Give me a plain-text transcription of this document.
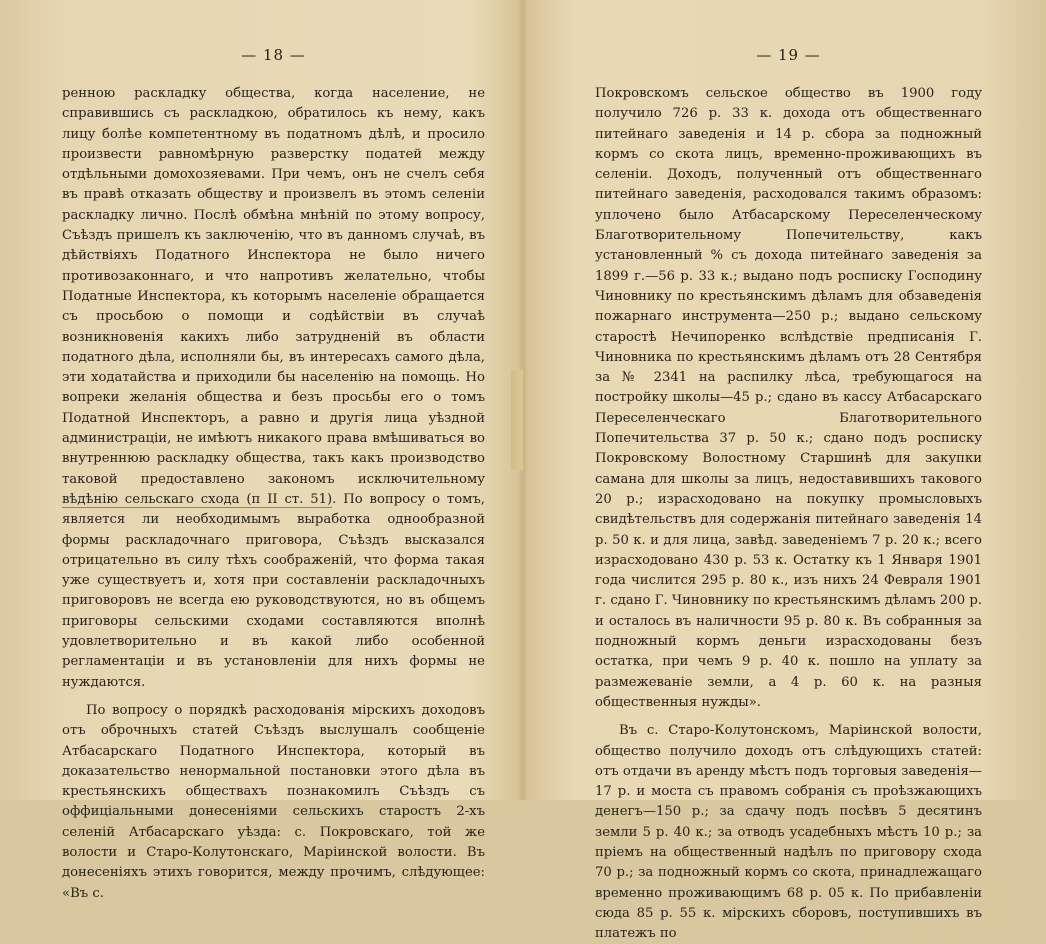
— 18 —

ренною раскладку общества, когда население, не справившись съ раскладкою, обратилось къ нему, какъ лицу болѣе компетентному въ податномъ дѣлѣ, и просило произвести равномѣрную разверстку податей между отдѣльными домохозяевами. При чемъ, онъ не счелъ себя въ правѣ отказать обществу и произвелъ въ этомъ селеніи раскладку лично. Послѣ обмѣна мнѣній по этому вопросу, Съѣздъ пришелъ къ заключенію, что въ данномъ случаѣ, въ дѣйствіяхъ Податного Инспектора не было ничего противозаконнаго, и что напротивъ желательно, чтобы Податные Инспектора, къ которымъ населеніе обращается съ просьбою о помощи и содѣйствіи въ случаѣ возникновенія какихъ либо затрудненій въ области податного дѣла, исполняли бы, въ интересахъ самого дѣла, эти ходатайства и приходили бы населенію на помощь. Но вопреки желанія общества и безъ просьбы его о томъ Податной Инспекторъ, а равно и другія лица уѣздной администраціи, не имѣютъ никакого права вмѣшиваться во внутреннюю раскладку общества, такъ какъ производство таковой предоставлено закономъ исключительному вѣдѣнію сельскаго схода (п II ст. 51). По вопросу о томъ, является ли необходимымъ выработка однообразной формы раскладочнаго приговора, Съѣздъ высказался отрицательно въ силу тѣхъ соображеній, что форма такая уже существуетъ и, хотя при составленіи раскладочныхъ приговоровъ не всегда ею руководствуются, но въ общемъ приговоры сельскими сходами составляются вполнѣ удовлетворительно и въ какой либо особенной регламентаціи и въ установленіи для нихъ формы не нуждаются.

По вопросу о порядкѣ расходованія мірскихъ доходовъ отъ оброчныхъ статей Съѣздъ выслушалъ сообщеніе Атбасарскаго Податного Инспектора, который въ доказательство ненормальной постановки этого дѣла въ крестьянскихъ обществахъ познакомилъ Съѣздъ съ оффиціальными донесеніями сельскихъ старостъ 2-хъ селеній Атбасарскаго уѣзда: с. Покровскаго, той же волости и Старо-Колутонскаго, Маріинской волости. Въ донесеніяхъ этихъ говорится, между прочимъ, слѣдующее: «Въ с.

— 19 —

Покровскомъ сельское общество въ 1900 году получило 726 р. 33 к. дохода отъ общественнаго питейнаго заведенія и 14 р. сбора за подножный кормъ со скота лицъ, временно-проживающихъ въ селеніи. Доходъ, полученный отъ общественнаго питейнаго заведенія, расходовался такимъ образомъ: уплочено было Атбасарскому Переселенческому Благотворительному Попечительству, какъ установленный % съ дохода питейнаго заведенія за 1899 г.—56 р. 33 к.; выдано подъ росписку Господину Чиновнику по крестьянскимъ дѣламъ для обзаведенія пожарнаго инструмента—250 р.; выдано сельскому старостѣ Нечипоренко вслѣдствіе предписанія Г. Чиновника по крестьянскимъ дѣламъ отъ 28 Сентября за № 2341 на распилку лѣса, требующагося на постройку школы—45 р.; сдано въ кассу Атбасарскаго Переселенческаго Благотворительного Попечительства 37 р. 50 к.; сдано подъ росписку Покровскому Волостному Старшинѣ для закупки самана для школы за лицъ, недоставившихъ такового 20 р.; израсходовано на покупку промысловыхъ свидѣтельствъ для содержанія питейнаго заведенія 14 р. 50 к. и для лица, завѣд. заведеніемъ 7 р. 20 к.; всего израсходовано 430 р. 53 к. Остатку къ 1 Января 1901 года числится 295 р. 80 к., изъ нихъ 24 Февраля 1901 г. сдано Г. Чиновнику по крестьянскимъ дѣламъ 200 р. и осталось въ наличности 95 р. 80 к. Въ собранныя за подножный кормъ деньги израсходованы безъ остатка, при чемъ 9 р. 40 к. пошло на уплату за размежеваніе земли, а 4 р. 60 к. на разныя общественныя нужды».

Въ с. Старо-Колутонскомъ, Маріинской волости, общество получило доходъ отъ слѣдующихъ статей: отъ отдачи въ аренду мѣстъ подъ торговыя заведенія—17 р. и моста съ правомъ собранія съ проѣзжающихъ денегъ—150 р.; за сдачу подъ посѣвъ 5 десятинъ земли 5 р. 40 к.; за отводъ усадебныхъ мѣстъ 10 р.; за пріемъ на общественный надѣлъ по приговору схода 70 р.; за подножный кормъ со скота, принадлежащаго временно проживающимъ 68 р. 05 к. По прибавленіи сюда 85 р. 55 к. мірскихъ сборовъ, поступившихъ въ платежъ по
